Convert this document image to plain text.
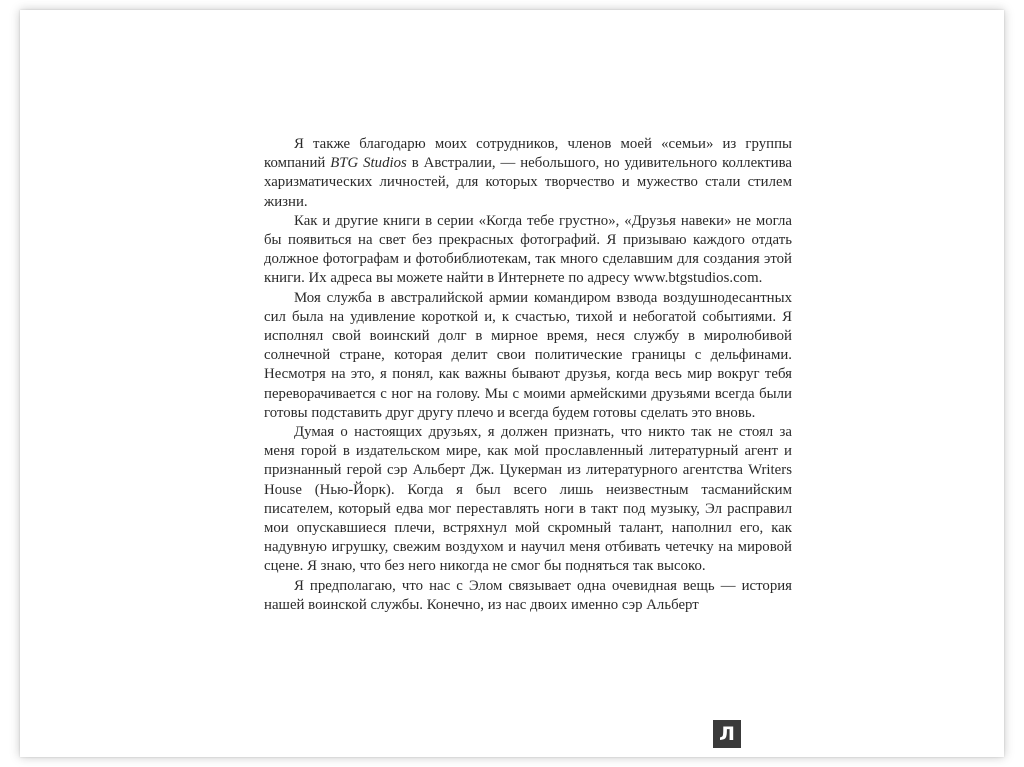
Я также благодарю моих сотрудников, членов моей «семьи» из группы компаний BTG Studios в Австралии, — небольшого, но удивительного коллектива харизматических личностей, для которых творчество и мужество стали стилем жизни.

Как и другие книги в серии «Когда тебе грустно», «Друзья навеки» не могла бы появиться на свет без прекрасных фотографий. Я призываю каждого отдать должное фотографам и фотобиблиотекам, так много сделавшим для создания этой книги. Их адреса вы можете найти в Интернете по адресу www.btgstudios.com.

Моя служба в австралийской армии командиром взвода воздушнодесантных сил была на удивление короткой и, к счастью, тихой и небогатой событиями. Я исполнял свой воинский долг в мирное время, неся службу в миролюбивой солнечной стране, которая делит свои политические границы с дельфинами. Несмотря на это, я понял, как важны бывают друзья, когда весь мир вокруг тебя переворачивается с ног на голову. Мы с моими армейскими друзьями всегда были готовы подставить друг другу плечо и всегда будем готовы сделать это вновь.

Думая о настоящих друзьях, я должен признать, что никто так не стоял за меня горой в издательском мире, как мой прославленный литературный агент и признанный герой сэр Альберт Дж. Цукерман из литературного агентства Writers House (Нью-Йорк). Когда я был всего лишь неизвестным тасманийским писателем, который едва мог переставлять ноги в такт под музыку, Эл расправил мои опускавшиеся плечи, встряхнул мой скромный талант, наполнил его, как надувную игрушку, свежим воздухом и научил меня отбивать четечку на мировой сцене. Я знаю, что без него никогда не смог бы подняться так высоко.

Я предполагаю, что нас с Элом связывает одна очевидная вещь — история нашей воинской службы. Конечно, из нас двоих именно сэр Альберт

Л
